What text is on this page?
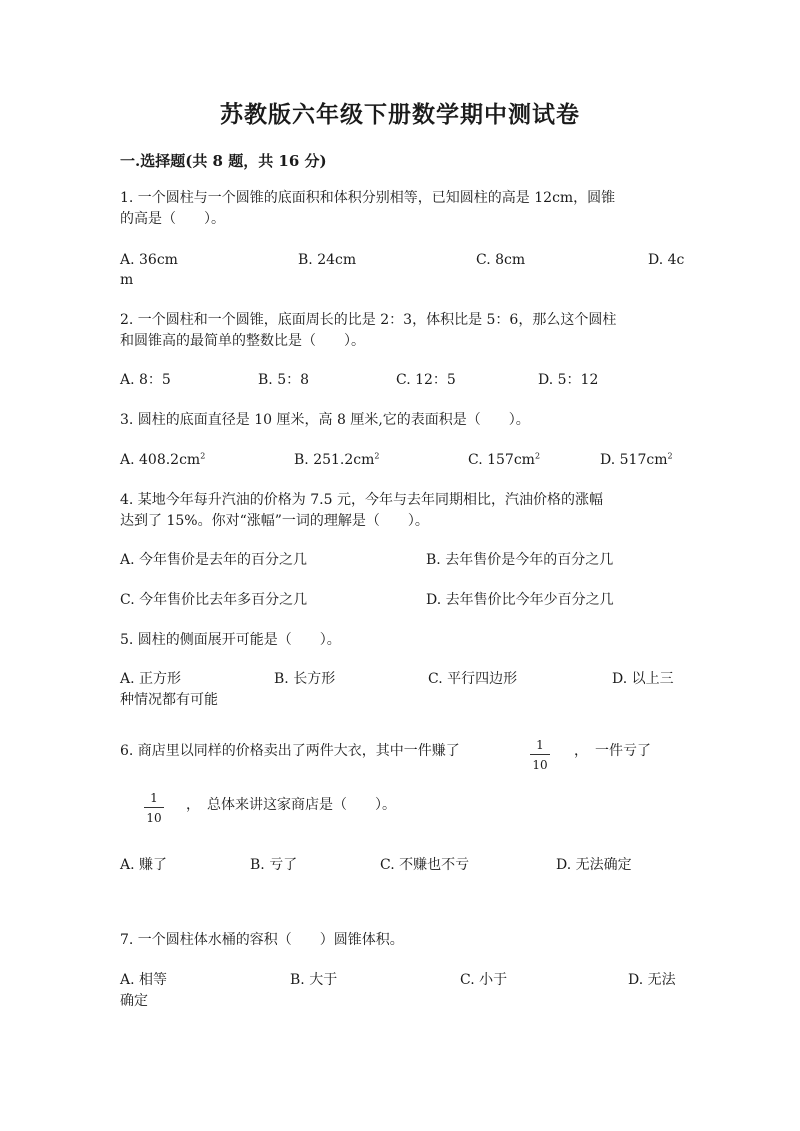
苏教版六年级下册数学期中测试卷
一.选择题(共 8 题，共 16 分)
1. 一个圆柱与一个圆锥的底面积和体积分别相等，已知圆柱的高是 12cm，圆锥
的高是（　　）。
A. 36cm	B. 24cm	C. 8cm	D. 4c
m
2. 一个圆柱和一个圆锥，底面周长的比是 2：3，体积比是 5：6，那么这个圆柱
和圆锥高的最简单的整数比是（　　）。
A. 8：5	B. 5：8	C. 12：5	D. 5：12
3. 圆柱的底面直径是 10 厘米，高 8 厘米,它的表面积是（　　）。
A. $408.2cm^2$	B. $251.2cm^2$	C. $157cm^2$	D. $517cm^2$
4. 某地今年每升汽油的价格为 7.5 元，今年与去年同期相比，汽油价格的涨幅
达到了 15%。你对“涨幅”一词的理解是（　　）。
A. 今年售价是去年的百分之几	B. 去年售价是今年的百分之几
C. 今年售价比去年多百分之几	D. 去年售价比今年少百分之几
5. 圆柱的侧面展开可能是（　　）。
A. 正方形	B. 长方形	C. 平行四边形	D. 以上三
种情况都有可能
6. 商店里以同样的价格卖出了两件大衣，其中一件赚了	1
10
，　一件亏了
1
10
，　总体来讲这家商店是（　　）。
A. 赚了	B. 亏了	C. 不赚也不亏	D. 无法确定
7. 一个圆柱体水桶的容积（　　）圆锥体积。
A. 相等	B. 大于	C. 小于	D. 无法
确定
